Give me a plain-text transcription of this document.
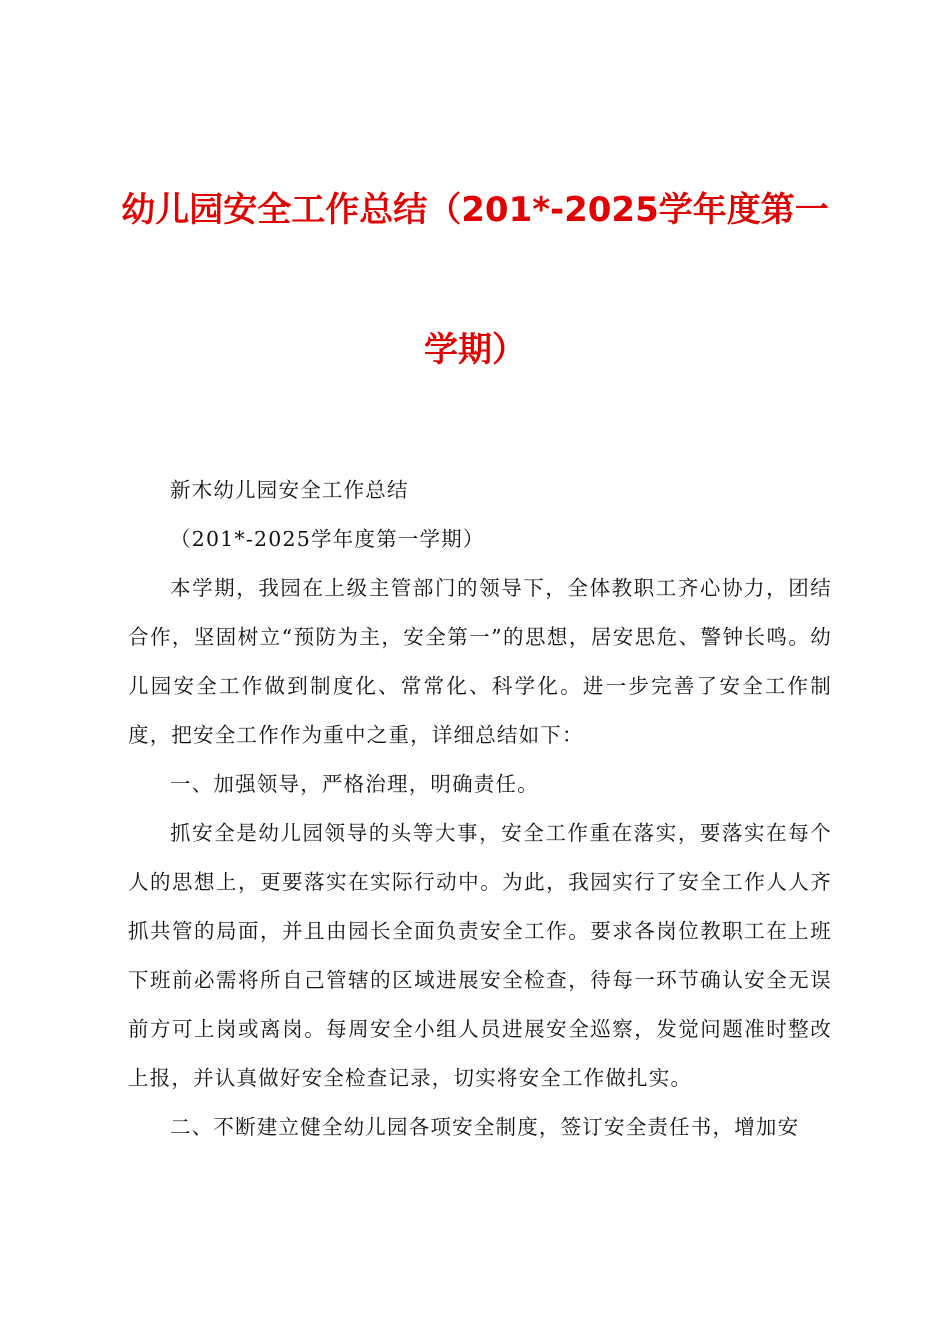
幼儿园安全工作总结（201*-2025学年度第一
学期）

新木幼儿园安全工作总结

（201*-2025学年度第一学期）

本学期，我园在上级主管部门的领导下，全体教职工齐心协力，团结合作，坚固树立“预防为主，安全第一”的思想，居安思危、警钟长鸣。幼儿园安全工作做到制度化、常常化、科学化。进一步完善了安全工作制度，把安全工作作为重中之重，详细总结如下：

一、加强领导，严格治理，明确责任。

抓安全是幼儿园领导的头等大事，安全工作重在落实，要落实在每个人的思想上，更要落实在实际行动中。为此，我园实行了安全工作人人齐抓共管的局面，并且由园长全面负责安全工作。要求各岗位教职工在上班下班前必需将所自己管辖的区域进展安全检查，待每一环节确认安全无误前方可上岗或离岗。每周安全小组人员进展安全巡察，发觉问题准时整改上报，并认真做好安全检查记录，切实将安全工作做扎实。

二、不断建立健全幼儿园各项安全制度，签订安全责任书，增加安
